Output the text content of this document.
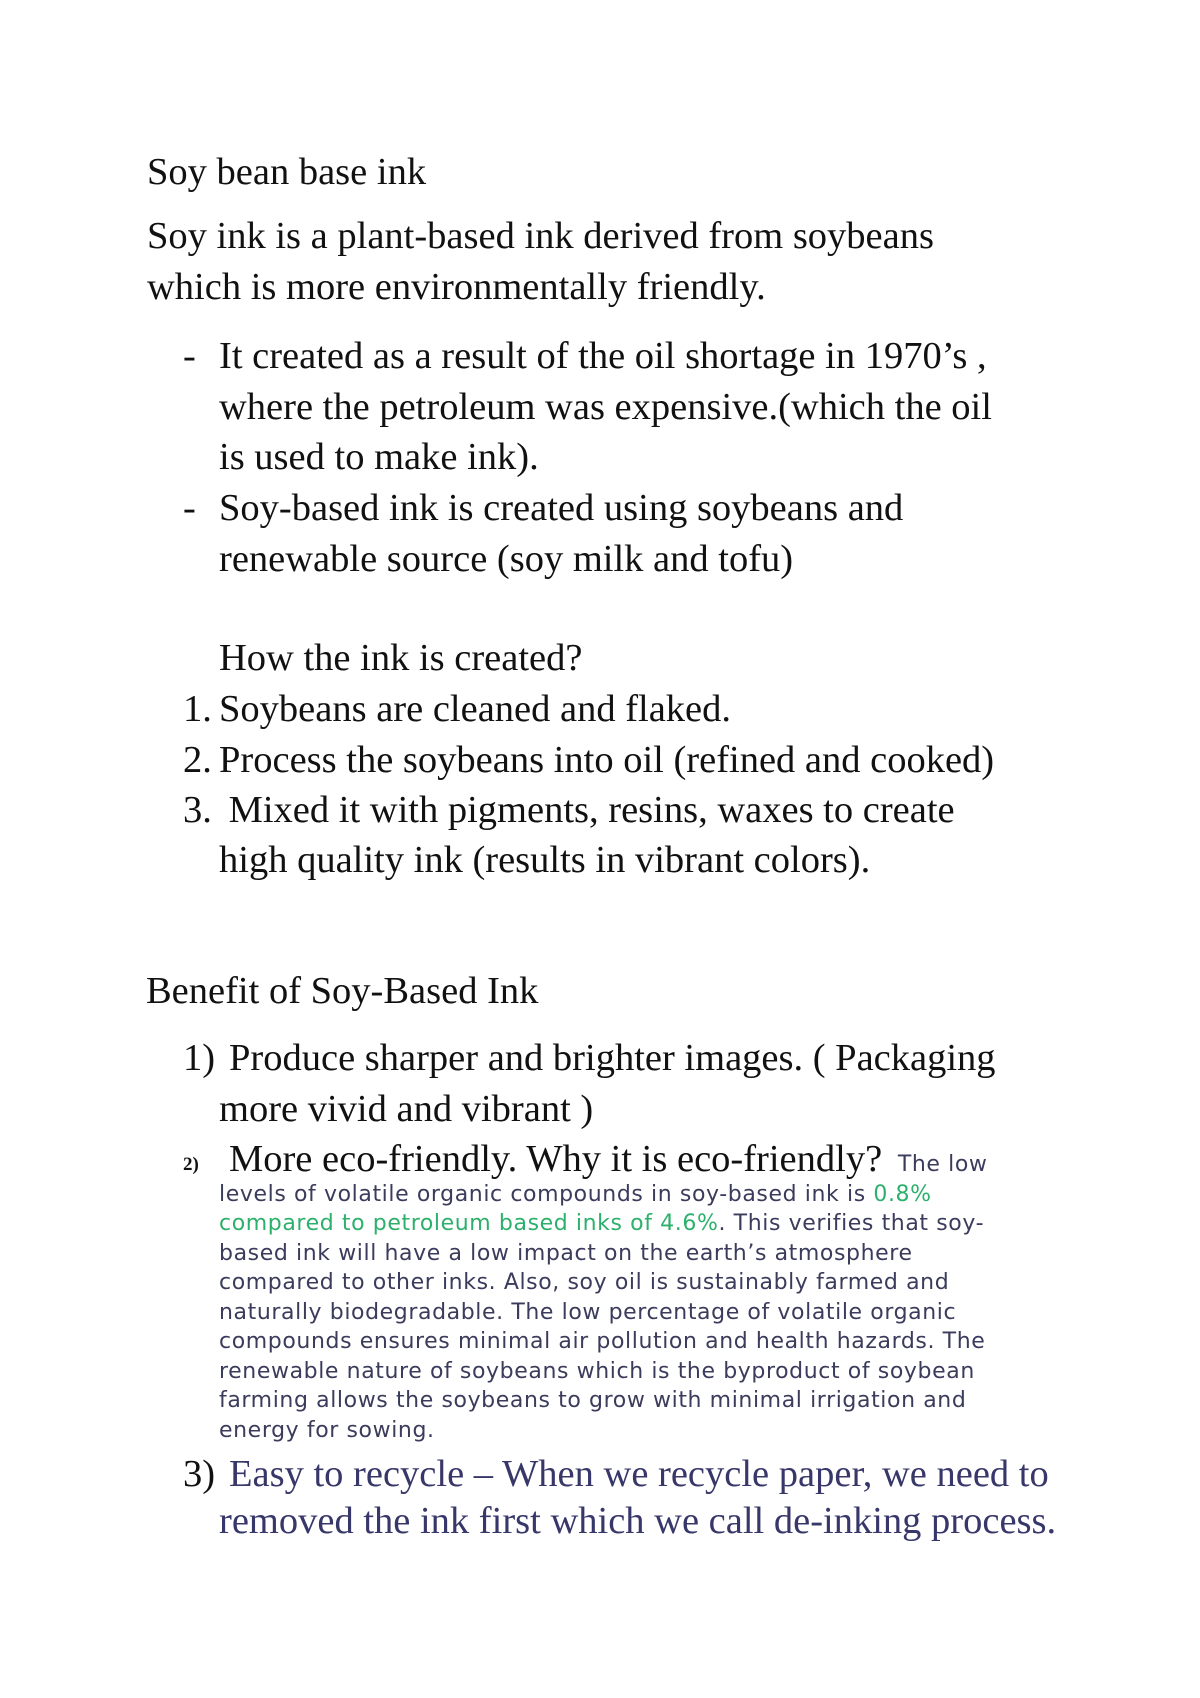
Soy bean base ink
Soy ink is a plant-based ink derived from soybeans
which is more environmentally friendly.
- It created as a result of the oil shortage in 1970’s ,
where the petroleum was expensive.(which the oil
is used to make ink).
- Soy-based ink is created using soybeans and
renewable source (soy milk and tofu)
How the ink is created?
1. Soybeans are cleaned and flaked.
2. Process the soybeans into oil (refined and cooked)
3. Mixed it with pigments, resins, waxes to create
high quality ink (results in vibrant colors).
Benefit of Soy-Based Ink
1) Produce sharper and brighter images. ( Packaging
more vivid and vibrant )
2) More eco-friendly. Why it is eco-friendly? The low
levels of volatile organic compounds in soy-based ink is 0.8%
compared to petroleum based inks of 4.6%. This verifies that soy-
based ink will have a low impact on the earth’s atmosphere
compared to other inks. Also, soy oil is sustainably farmed and
naturally biodegradable. The low percentage of volatile organic
compounds ensures minimal air pollution and health hazards. The
renewable nature of soybeans which is the byproduct of soybean
farming allows the soybeans to grow with minimal irrigation and
energy for sowing.
3) Easy to recycle – When we recycle paper, we need to
removed the ink first which we call de-inking process.
